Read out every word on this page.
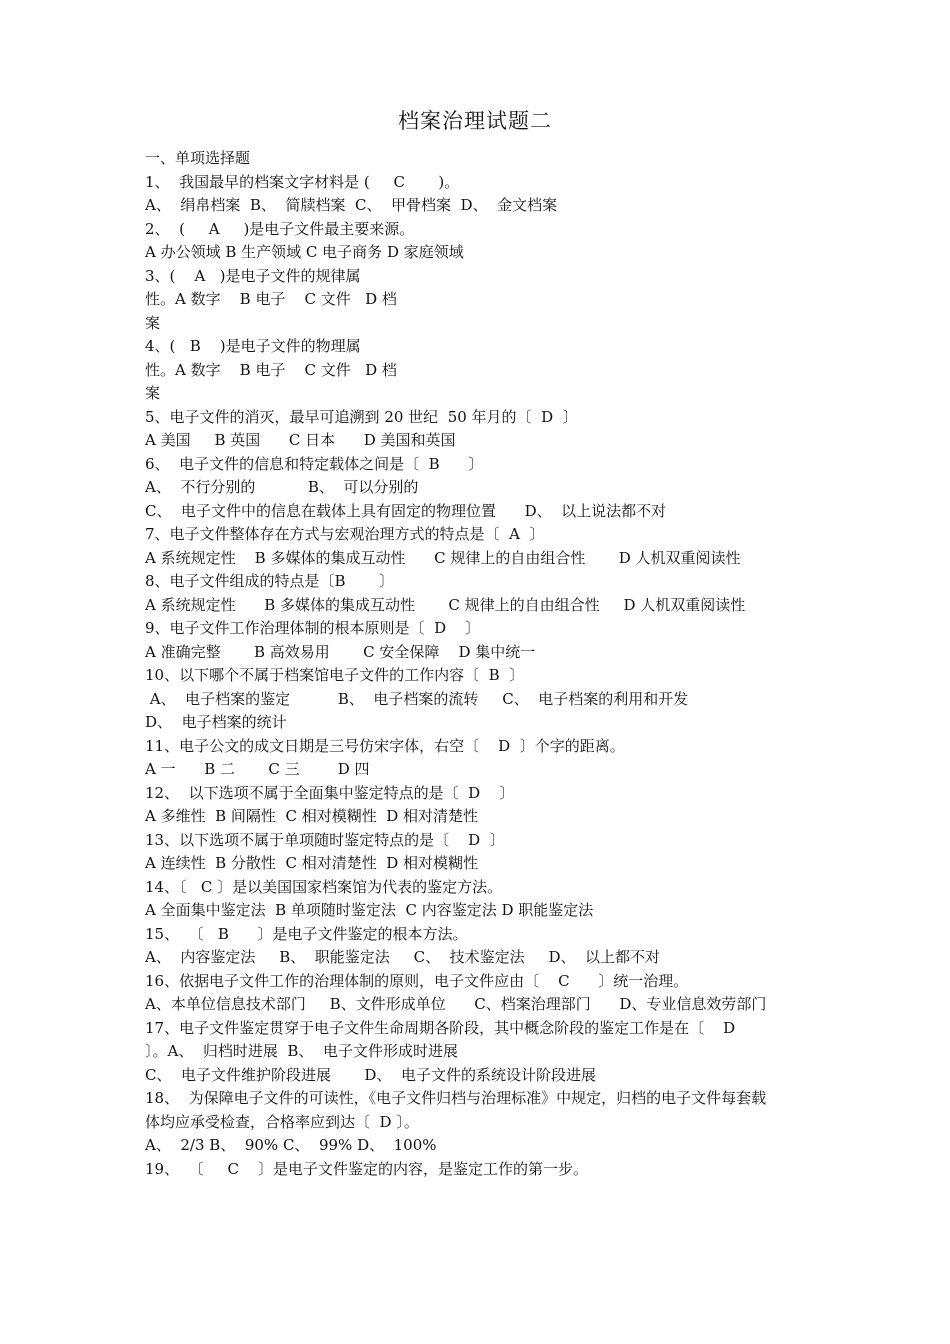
档案治理试题二
一、单项选择题
1、  我国最早的档案文字材料是 (     C       )。
A、  绢帛档案  B、  简牍档案  C、  甲骨档案  D、  金文档案
2、  (     A     )是电子文件最主要来源。
A 办公领域 B 生产领域 C 电子商务 D 家庭领域
3、(    A   )是电子文件的规律属
性。A 数字    B 电子    C 文件   D 档
案
4、(   B    )是电子文件的物理属
性。A 数字    B 电子    C 文件   D 档
案
5、电子文件的消灭，最早可追溯到 20 世纪  50 年月的〔  D  〕
A 美国     B 英国      C 日本      D 美国和英国
6、  电子文件的信息和特定载体之间是〔  B      〕
A、  不行分别的           B、  可以分别的
C、  电子文件中的信息在载体上具有固定的物理位置      D、  以上说法都不对
7、电子文件整体存在方式与宏观治理方式的特点是〔  A  〕
A 系统规定性    B 多媒体的集成互动性      C 规律上的自由组合性       D 人机双重阅读性
8、电子文件组成的特点是〔B       〕
A 系统规定性      B 多媒体的集成互动性       C 规律上的自由组合性     D 人机双重阅读性
9、电子文件工作治理体制的根本原则是〔  D    〕
A 准确完整       B 高效易用       C 安全保障    D 集中统一
10、以下哪个不属于档案馆电子文件的工作内容〔  B  〕
A、  电子档案的鉴定          B、  电子档案的流转     C、  电子档案的利用和开发
D、  电子档案的统计
11、电子公文的成文日期是三号仿宋字体，右空〔    D  〕个字的距离。
A 一      B 二       C 三        D 四
12、  以下选项不属于全面集中鉴定特点的是〔  D    〕
A 多维性  B 间隔性  C 相对模糊性  D 相对清楚性
13、以下选项不属于单项随时鉴定特点的是〔    D  〕
A 连续性  B 分散性  C 相对清楚性  D 相对模糊性
14、〔   C 〕是以美国国家档案馆为代表的鉴定方法。
A 全面集中鉴定法  B 单项随时鉴定法  C 内容鉴定法 D 职能鉴定法
15、  〔   B      〕是电子文件鉴定的根本方法。
A、  内容鉴定法     B、  职能鉴定法     C、  技术鉴定法     D、  以上都不对
16、依据电子文件工作的治理体制的原则，电子文件应由〔    C      〕统一治理。
A、本单位信息技术部门     B、文件形成单位      C、档案治理部门      D、专业信息效劳部门
17、电子文件鉴定贯穿于电子文件生命周期各阶段，其中概念阶段的鉴定工作是在〔    D
〕。A、  归档时进展  B、  电子文件形成时进展
C、  电子文件维护阶段进展       D、  电子文件的系统设计阶段进展
18、  为保障电子文件的可读性，《电子文件归档与治理标准》中规定，归档的电子文件每套载
体均应承受检查，合格率应到达〔  D 〕。
A、  2/3 B、  90% C、  99% D、  100%
19、  〔     C    〕是电子文件鉴定的内容，是鉴定工作的第一步。
